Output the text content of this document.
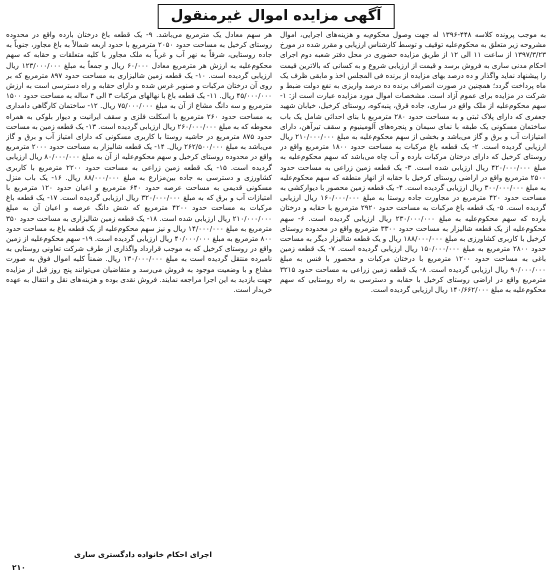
آگهی مزایده اموال غیرمنقول

به موجب پرونده کلاسه ۴۴۸-۱۳۹۶ له جهت وصول محکوم‌به و هزینه‌های اجرایی، اموال مشروحه زیر متعلق به محکوم‌علیه توقیف و توسط کارشناس ارزیابی و مقرر شده در مورخ ۱۳۹۷/۳/۲۳ از ساعت ۱۱ الی ۱۲ از طریق مزایده حضوری در محل دفتر شعبه دوم اجرای احکام مدنی ساری به فروش برسد و قیمت از ارزیابی شروع و به کسانی که بالاترین قیمت را پیشنهاد نماید واگذار و ده درصد بهای مزایده از برنده فی المجلس اخذ و مابقی ظرف یک ماه پرداخت گردد؛ همچنین در صورت انصراف برنده ده درصد واریزی به نفع دولت ضبط و شرکت در مزایده برای عموم آزاد است. مشخصات اموال مورد مزایده عبارت است از: ۱- سهم محکوم‌علیه از ملک واقع در ساری، جاده قرق، پنبه‌کوه، روستای کرخیل، خیابان شهید جعفری که دارای پلاک ثبتی و به مساحت حدود ۲۸۰ مترمربع با بنای احداثی شامل یک باب ساختمان مسکونی یک طبقه با نمای سیمان و پنجره‌های آلومینیوم و سقف تیرآهن، دارای امتیازات آب و برق و گاز می‌باشد و بخشی از سهم محکوم‌علیه به مبلغ ۲۱۰/۰۰۰/۰۰۰ ریال ارزیابی گردیده است. ۲- یک قطعه باغ مرکبات به مساحت حدود ۱۸۰۰ مترمربع واقع در روستای کرخیل که دارای درختان مرکبات بارده و آب چاه می‌باشد که سهم محکوم‌علیه به مبلغ ۴۲۰/۰۰۰/۰۰۰ ریال ارزیابی شده است. ۳- یک قطعه زمین زراعی به مساحت حدود ۲۵۰۰ مترمربع واقع در اراضی روستای کرخیل با حقابه از انهار منطقه که سهم محکوم‌علیه به مبلغ ۳۰۰/۰۰۰/۰۰۰ ریال ارزیابی گردیده است. ۴- یک قطعه زمین محصور با دیوارکشی به مساحت حدود ۴۲۰ مترمربع در مجاورت جاده روستا به مبلغ ۱۶۰/۰۰۰/۰۰۰ ریال ارزیابی گردیده است. ۵- یک قطعه باغ مرکبات به مساحت حدود ۲۹۲۰ مترمربع با حقابه و درختان بارده که سهم محکوم‌علیه به مبلغ ۲۳۰/۰۰۰/۰۰۰ ریال ارزیابی گردیده است. ۶- سهم محکوم‌علیه از یک قطعه شالیزار به مساحت حدود ۳۳۰۰ مترمربع واقع در محدوده روستای کرخیل با کاربری کشاورزی به مبلغ ۱۸۸/۰۰۰/۰۰۰ ریال و یک قطعه شالیزار دیگر به مساحت حدود ۲۸۰۰ مترمربع به مبلغ ۱۵۰/۰۰۰/۰۰۰ ریال ارزیابی گردیده است. ۷- یک قطعه زمین باغی به مساحت حدود ۱۲۰۰ مترمربع با درختان مرکبات و محصور با فنس به مبلغ ۹۰/۰۰۰/۰۰۰ ریال ارزیابی گردیده است. ۸- یک قطعه زمین زراعی به مساحت حدود ۳۲۱۵ مترمربع واقع در اراضی روستای کرخیل با حقابه و دسترسی به راه روستایی که سهم محکوم‌علیه به مبلغ ۱۴۰/۶۶۲/۰۰۰ ریال ارزیابی گردیده است.

هر سهم معادل یک مترمربع می‌باشد. ۹- یک قطعه باغ درختان بارده واقع در محدوده روستای کرخیل به مساحت حدود ۲۰۵۰ مترمربع با حدود اربعه شمالاً به باغ مجاور، جنوباً به جاده روستایی، شرقاً به نهر آب و غرباً به ملک مجاور با کلیه متعلقات و حقابه که سهم محکوم‌علیه به ارزش هر مترمربع معادل ۶۰/۰۰۰ ریال و جمعاً به مبلغ ۱۲۳/۰۰۰/۰۰۰ ریال ارزیابی گردیده است. ۱۰- یک قطعه زمین شالیزاری به مساحت حدود ۸۹۷ مترمربع که بر روی آن درختان مرکبات و صنوبر غرس شده و دارای حقابه و راه دسترسی است به ارزش ۴۵/۰۰۰/۰۰۰ ریال. ۱۱- یک قطعه باغ با نهالهای مرکبات ۳ الی ۴ ساله به مساحت حدود ۱۵۰۰ مترمربع و سه دانگ مشاع از آن به مبلغ ۷۵/۰۰۰/۰۰۰ ریال. ۱۲- ساختمان کارگاهی دامداری به مساحت حدود ۲۶۰ مترمربع با اسکلت فلزی و سقف ایرانیت و دیوار بلوکی به همراه محوطه که به مبلغ ۲۶۰/۰۰۰/۰۰۰ ریال ارزیابی گردیده است. ۱۳- یک قطعه زمین به مساحت حدود ۸۷۵ مترمربع در حاشیه روستا با کاربری مسکونی که دارای امتیاز آب و برق و گاز می‌باشد به مبلغ ۲۶۲/۵۰۰/۰۰۰ ریال. ۱۴- یک قطعه شالیزار به مساحت حدود ۲۰۰۰ مترمربع واقع در محدوده روستای کرخیل و سهم محکوم‌علیه از آن به مبلغ ۸۰/۰۰۰/۰۰۰ ریال ارزیابی گردیده است. ۱۵- یک قطعه زمین زراعی به مساحت حدود ۲۲۰۰ مترمربع با کاربری کشاورزی و دسترسی به جاده بین‌مزارع به مبلغ ۸۸/۰۰۰/۰۰۰ ریال. ۱۶- یک باب منزل مسکونی قدیمی به مساحت عرصه حدود ۶۴۰ مترمربع و اعیان حدود ۱۲۰ مترمربع با امتیازات آب و برق که به مبلغ ۳۲۰/۰۰۰/۰۰۰ ریال ارزیابی گردیده است. ۱۷- یک قطعه باغ مرکبات به مساحت حدود ۴۲۰۰ مترمربع که شش دانگ عرصه و اعیان آن به مبلغ ۲۱۰/۰۰۰/۰۰۰ ریال ارزیابی شده است. ۱۸- یک قطعه زمین شالیزاری به مساحت حدود ۳۵۰ مترمربع به مبلغ ۱۴/۰۰۰/۰۰۰ ریال و نیز سهم محکوم‌علیه از یک قطعه باغ به مساحت حدود ۸۰۰ مترمربع به مبلغ ۴۰/۰۰۰/۰۰۰ ریال ارزیابی گردیده است. ۱۹- سهم محکوم‌علیه از زمین واقع در روستای کرخیل که به موجب قرارداد واگذاری از طرف شرکت تعاونی روستایی به نامبرده منتقل گردیده است به مبلغ ۱۳۰/۰۰۰/۰۰۰ ریال. ضمناً کلیه اموال فوق به صورت مشاع و با وضعیت موجود به فروش می‌رسد و متقاضیان می‌توانند پنج روز قبل از مزایده جهت بازدید به این اجرا مراجعه نمایند. فروش نقدی بوده و هزینه‌های نقل و انتقال به عهده خریدار است.

اجرای احکام خانواده دادگستری ساری
۲۱۰
